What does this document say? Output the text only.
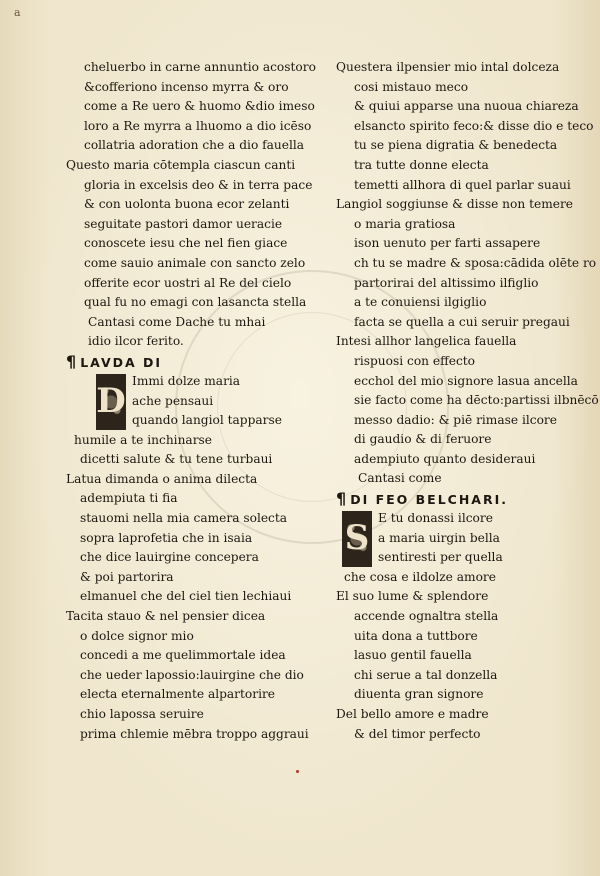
a
cheluerbo in carne annuntio acostoro
&cofferiono incenso myrra & oro
come a Re uero & huomo &dio imeso
loro a Re myrra a lhuomo a dio icēso
collatria adoration che a dio fauella
Questo maria cōtempla ciascun canti
gloria in excelsis deo & in terra pace
& con uolonta buona ecor zelanti
seguitate pastori damor ueracie
conoscete iesu che nel fien giace
come sauio animale con sancto zelo
offerite ecor uostri al Re del cielo
qual fu no emagi con lasancta stella
Cantasi come Dache tu mhai
idio ilcor ferito.
¶ LAVDA DI
D
Immi dolze maria
ache pensaui
quando langiol tapparse
humile a te inchinarse
dicetti salute & tu tene turbaui
Latua dimanda o anima dilecta
adempiuta ti fia
stauomi nella mia camera solecta
sopra laprofetia che in isaia
che dice lauirgine concepera
& poi partorira
elmanuel che del ciel tien lechiaui
Tacita stauo & nel pensier dicea
o dolce signor mio
concedi a me quelimmortale idea
che ueder lapossio:lauirgine che dio
electa eternalmente alpartorire
chio lapossa seruire
prima chlemie mēbra troppo aggraui
Questera ilpensier mio intal dolceza
cosi mistauo meco
& quiui apparse una nuoua chiareza
elsancto spirito feco:& disse dio e teco
tu se piena digratia & benedecta
tra tutte donne electa
temetti allhora di quel parlar suaui
Langiol soggiunse & disse non temere
o maria gratiosa
ison uenuto per farti assapere
ch tu se madre & sposa:cādida olēte ro
partorirai del altissimo ilfiglio
a te conuiensi ilgiglio
facta se quella a cui seruir pregaui
Intesi allhor langelica fauella
rispuosi con effecto
ecchol del mio signore lasua ancella
sie facto come ha dēcto:partissi ilbnēcō
messo dadio: & piē rimase ilcore
di gaudio & di feruore
adempiuto quanto desideraui
Cantasi come
¶ DI FEO BELCHARI.
S
E tu donassi ilcore
a maria uirgin bella
sentiresti per quella
che cosa e ildolze amore
El suo lume & splendore
accende ognaltra stella
uita dona a tuttbore
lasuo gentil fauella
chi serue a tal donzella
diuenta gran signore
Del bello amore e madre
& del timor perfecto
